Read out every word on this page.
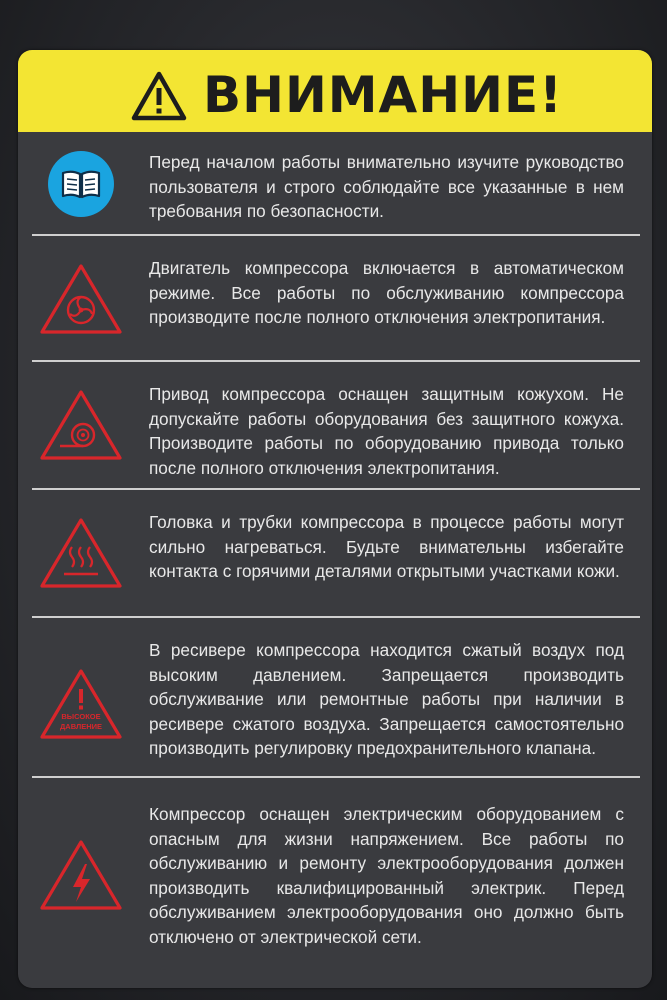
ВНИМАНИЕ!
Перед началом работы внимательно изучите руководство пользователя и строго соблюдайте все указанные в нем требования по безопасности.
Двигатель компрессора включается в автоматическом режиме. Все работы по обслуживанию компрессора производите после полного отключения электропитания.
Привод компрессора оснащен защитным кожухом. Не допускайте работы оборудования без защитного кожуха. Производите работы по оборудованию привода только после полного отключения электропитания.
Головка и трубки компрессора в процессе работы могут сильно нагреваться. Будьте внимательны избегайте контакта с горячими деталями открытыми участками кожи.
ВЫСОКОЕ
ДАВЛЕНИЕ
В ресивере компрессора находится сжатый воздух под высоким давлением. Запрещается производить обслуживание или ремонтные работы при наличии в ресивере сжатого воздуха. Запрещается самостоятельно производить регулировку предохранительного клапана.
Компрессор оснащен электрическим оборудованием с опасным для жизни напряжением. Все работы по обслуживанию и ремонту электрооборудования должен производить квалифицированный электрик. Перед обслуживанием электрооборудования оно должно быть отключено от электрической сети.
